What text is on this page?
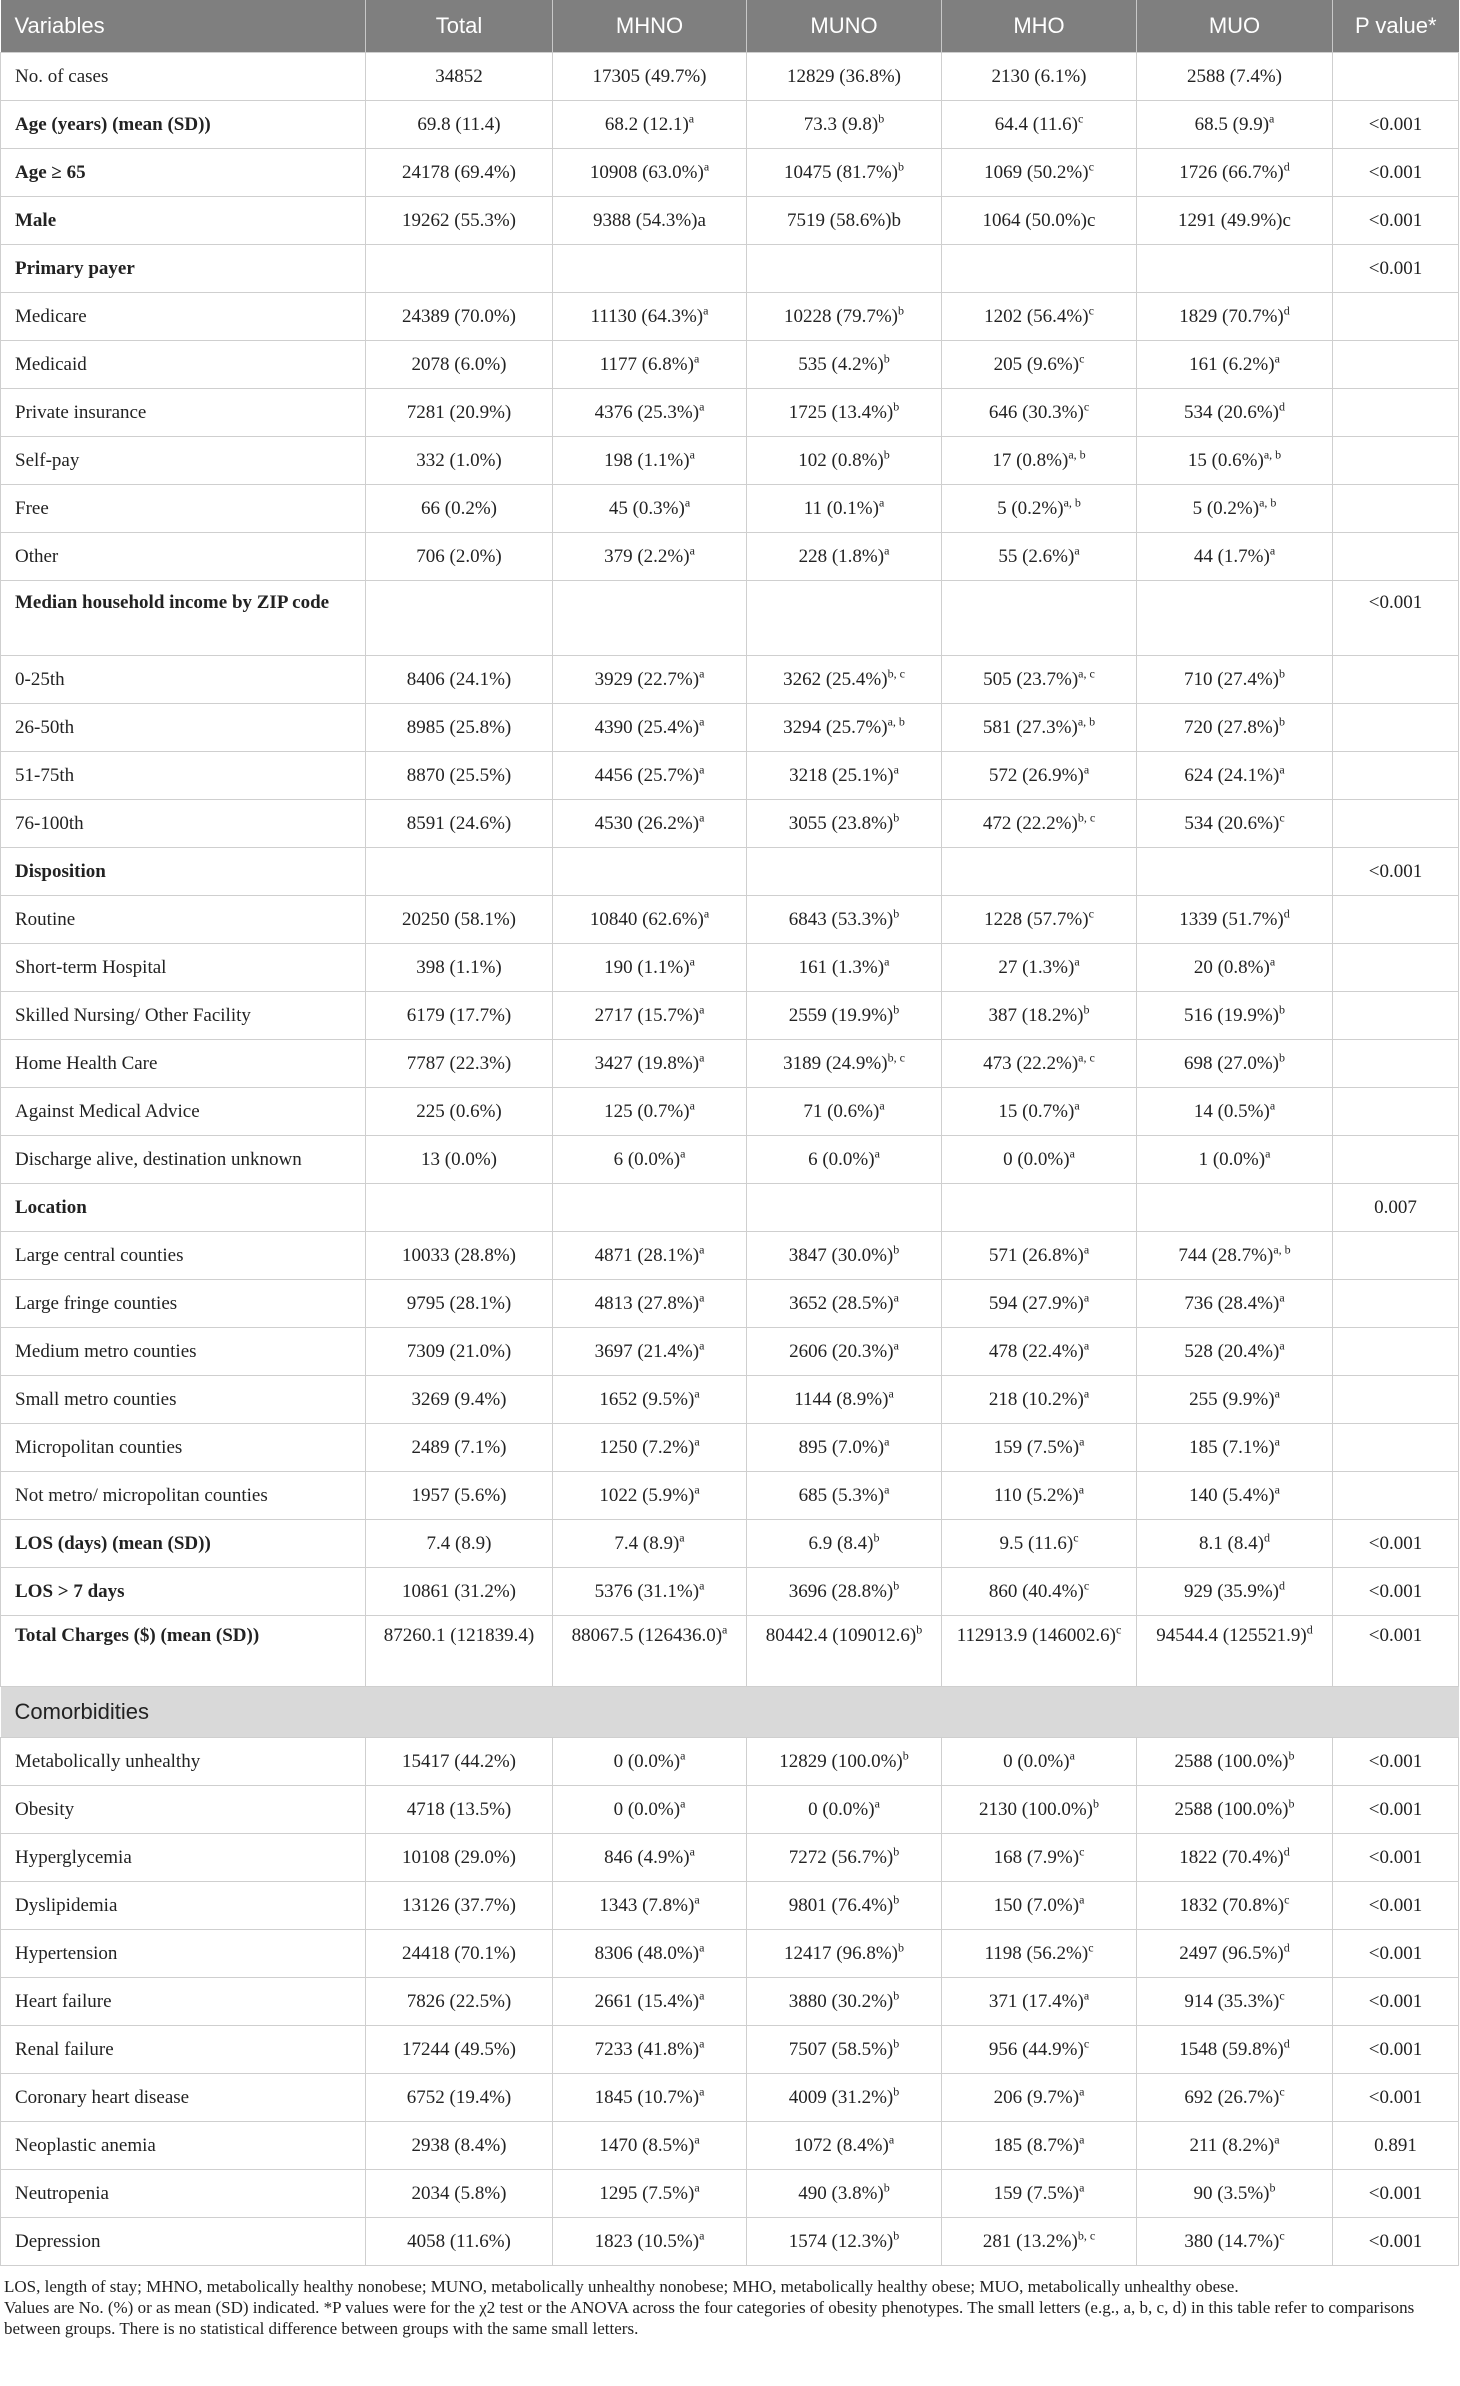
Variables	Total	MHNO	MUNO	MHO	MUO	P value*
No. of cases	34852	17305 (49.7%)	12829 (36.8%)	2130 (6.1%)	2588 (7.4%)	
Age (years) (mean (SD))	69.8 (11.4)	68.2 $(12.1)^a$	73.3 $(9.8)^b$	64.4 $(11.6)^c$	68.5 $(9.9)^a$	<0.001
Age ≥ 65	24178 (69.4%)	10908 $(63.0\%)^a$	10475 $(81.7\%)^b$	1069 $(50.2\%)^c$	1726 $(66.7\%)^d$	<0.001
Male	19262 (55.3%)	9388 (54.3%)a	7519 (58.6%)b	1064 (50.0%)c	1291 (49.9%)c	<0.001
Primary payer						<0.001
Medicare	24389 (70.0%)	11130 $(64.3\%)^a$	10228 $(79.7\%)^b$	1202 $(56.4\%)^c$	1829 $(70.7\%)^d$	
Medicaid	2078 (6.0%)	1177 $(6.8\%)^a$	535 $(4.2\%)^b$	205 $(9.6\%)^c$	161 $(6.2\%)^a$	
Private insurance	7281 (20.9%)	4376 $(25.3\%)^a$	1725 $(13.4\%)^b$	646 $(30.3\%)^c$	534 $(20.6\%)^d$	
Self-pay	332 (1.0%)	198 $(1.1\%)^a$	102 $(0.8\%)^b$	17 $(0.8\%)^{a, b}$	15 $(0.6\%)^{a, b}$	
Free	66 (0.2%)	45 $(0.3\%)^a$	11 $(0.1\%)^a$	5 $(0.2\%)^{a, b}$	5 $(0.2\%)^{a, b}$	
Other	706 (2.0%)	379 $(2.2\%)^a$	228 $(1.8\%)^a$	55 $(2.6\%)^a$	44 $(1.7\%)^a$	
Median household income by ZIP code						<0.001
0-25th	8406 (24.1%)	3929 $(22.7\%)^a$	3262 $(25.4\%)^{b, c}$	505 $(23.7\%)^{a, c}$	710 $(27.4\%)^b$	
26-50th	8985 (25.8%)	4390 $(25.4\%)^a$	3294 $(25.7\%)^{a, b}$	581 $(27.3\%)^{a, b}$	720 $(27.8\%)^b$	
51-75th	8870 (25.5%)	4456 $(25.7\%)^a$	3218 $(25.1\%)^a$	572 $(26.9\%)^a$	624 $(24.1\%)^a$	
76-100th	8591 (24.6%)	4530 $(26.2\%)^a$	3055 $(23.8\%)^b$	472 $(22.2\%)^{b, c}$	534 $(20.6\%)^c$	
Disposition						<0.001
Routine	20250 (58.1%)	10840 $(62.6\%)^a$	6843 $(53.3\%)^b$	1228 $(57.7\%)^c$	1339 $(51.7\%)^d$	
Short-term Hospital	398 (1.1%)	190 $(1.1\%)^a$	161 $(1.3\%)^a$	27 $(1.3\%)^a$	20 $(0.8\%)^a$	
Skilled Nursing/ Other Facility	6179 (17.7%)	2717 $(15.7\%)^a$	2559 $(19.9\%)^b$	387 $(18.2\%)^b$	516 $(19.9\%)^b$	
Home Health Care	7787 (22.3%)	3427 $(19.8\%)^a$	3189 $(24.9\%)^{b, c}$	473 $(22.2\%)^{a, c}$	698 $(27.0\%)^b$	
Against Medical Advice	225 (0.6%)	125 $(0.7\%)^a$	71 $(0.6\%)^a$	15 $(0.7\%)^a$	14 $(0.5\%)^a$	
Discharge alive, destination unknown	13 (0.0%)	6 $(0.0\%)^a$	6 $(0.0\%)^a$	0 $(0.0\%)^a$	1 $(0.0\%)^a$	
Location						0.007
Large central counties	10033 (28.8%)	4871 $(28.1\%)^a$	3847 $(30.0\%)^b$	571 $(26.8\%)^a$	744 $(28.7\%)^{a, b}$	
Large fringe counties	9795 (28.1%)	4813 $(27.8\%)^a$	3652 $(28.5\%)^a$	594 $(27.9\%)^a$	736 $(28.4\%)^a$	
Medium metro counties	7309 (21.0%)	3697 $(21.4\%)^a$	2606 $(20.3\%)^a$	478 $(22.4\%)^a$	528 $(20.4\%)^a$	
Small metro counties	3269 (9.4%)	1652 $(9.5\%)^a$	1144 $(8.9\%)^a$	218 $(10.2\%)^a$	255 $(9.9\%)^a$	
Micropolitan counties	2489 (7.1%)	1250 $(7.2\%)^a$	895 $(7.0\%)^a$	159 $(7.5\%)^a$	185 $(7.1\%)^a$	
Not metro/ micropolitan counties	1957 (5.6%)	1022 $(5.9\%)^a$	685 $(5.3\%)^a$	110 $(5.2\%)^a$	140 $(5.4\%)^a$	
LOS (days) (mean (SD))	7.4 (8.9)	7.4 $(8.9)^a$	6.9 $(8.4)^b$	9.5 $(11.6)^c$	8.1 $(8.4)^d$	<0.001
LOS > 7 days	10861 (31.2%)	5376 $(31.1\%)^a$	3696 $(28.8\%)^b$	860 $(40.4\%)^c$	929 $(35.9\%)^d$	<0.001
Total Charges ($) (mean (SD))	87260.1 (121839.4)	88067.5 $(126436.0)^a$	80442.4 $(109012.6)^b$	112913.9 $(146002.6)^c$	94544.4 $(125521.9)^d$	<0.001
Comorbidities						
Metabolically unhealthy	15417 (44.2%)	0 $(0.0\%)^a$	12829 $(100.0\%)^b$	0 $(0.0\%)^a$	2588 $(100.0\%)^b$	<0.001
Obesity	4718 (13.5%)	0 $(0.0\%)^a$	0 $(0.0\%)^a$	2130 $(100.0\%)^b$	2588 $(100.0\%)^b$	<0.001
Hyperglycemia	10108 (29.0%)	846 $(4.9\%)^a$	7272 $(56.7\%)^b$	168 $(7.9\%)^c$	1822 $(70.4\%)^d$	<0.001
Dyslipidemia	13126 (37.7%)	1343 $(7.8\%)^a$	9801 $(76.4\%)^b$	150 $(7.0\%)^a$	1832 $(70.8\%)^c$	<0.001
Hypertension	24418 (70.1%)	8306 $(48.0\%)^a$	12417 $(96.8\%)^b$	1198 $(56.2\%)^c$	2497 $(96.5\%)^d$	<0.001
Heart failure	7826 (22.5%)	2661 $(15.4\%)^a$	3880 $(30.2\%)^b$	371 $(17.4\%)^a$	914 $(35.3\%)^c$	<0.001
Renal failure	17244 (49.5%)	7233 $(41.8\%)^a$	7507 $(58.5\%)^b$	956 $(44.9\%)^c$	1548 $(59.8\%)^d$	<0.001
Coronary heart disease	6752 (19.4%)	1845 $(10.7\%)^a$	4009 $(31.2\%)^b$	206 $(9.7\%)^a$	692 $(26.7\%)^c$	<0.001
Neoplastic anemia	2938 (8.4%)	1470 $(8.5\%)^a$	1072 $(8.4\%)^a$	185 $(8.7\%)^a$	211 $(8.2\%)^a$	0.891
Neutropenia	2034 (5.8%)	1295 $(7.5\%)^a$	490 $(3.8\%)^b$	159 $(7.5\%)^a$	90 $(3.5\%)^b$	<0.001
Depression	4058 (11.6%)	1823 $(10.5\%)^a$	1574 $(12.3\%)^b$	281 $(13.2\%)^{b, c}$	380 $(14.7\%)^c$	<0.001

LOS, length of stay; MHNO, metabolically healthy nonobese; MUNO, metabolically unhealthy nonobese; MHO, metabolically healthy obese; MUO, metabolically unhealthy obese.

Values are No. (%) or as mean (SD) indicated. *P values were for the χ2 test or the ANOVA across the four categories of obesity phenotypes. The small letters (e.g., a, b, c, d) in this table refer to comparisons between groups. There is no statistical difference between groups with the same small letters.
